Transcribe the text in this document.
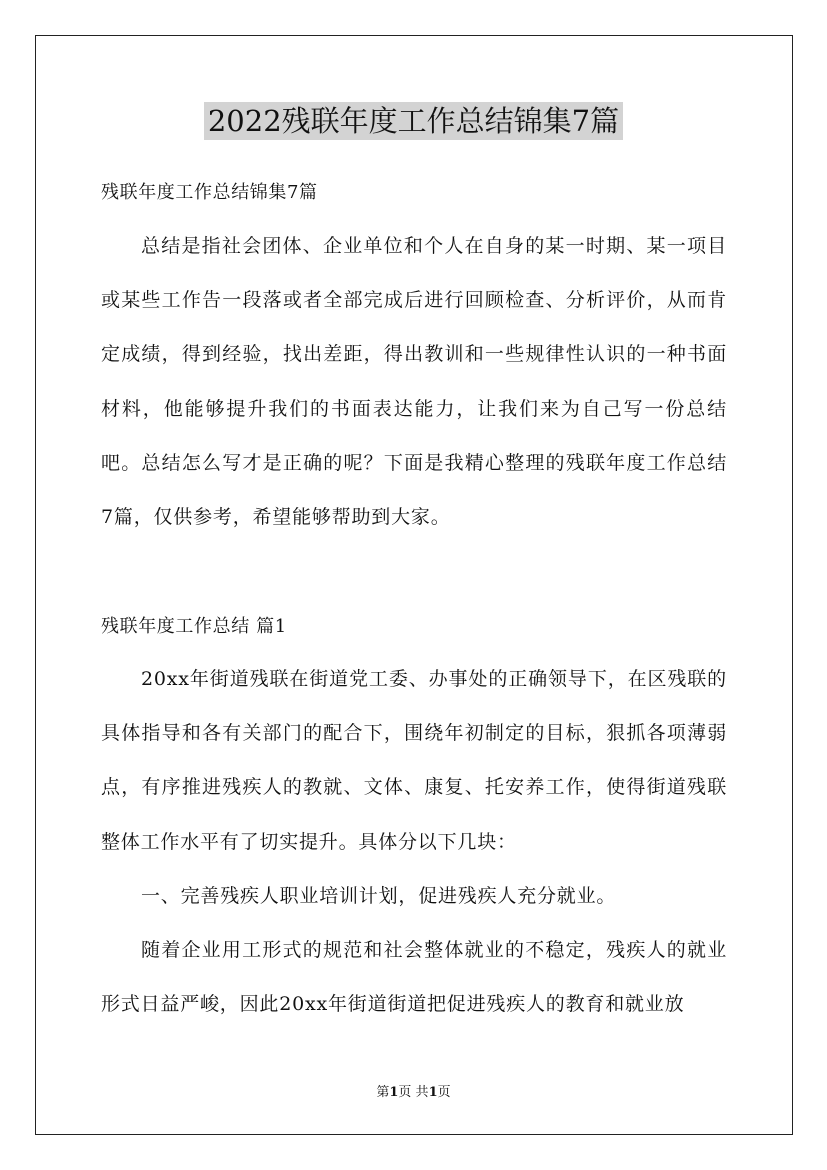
2022残联年度工作总结锦集7篇
残联年度工作总结锦集7篇
总结是指社会团体、企业单位和个人在自身的某一时期、某一项目或某些工作告一段落或者全部完成后进行回顾检查、分析评价，从而肯定成绩，得到经验，找出差距，得出教训和一些规律性认识的一种书面材料，他能够提升我们的书面表达能力，让我们来为自己写一份总结吧。总结怎么写才是正确的呢？下面是我精心整理的残联年度工作总结7篇，仅供参考，希望能够帮助到大家。
残联年度工作总结 篇1
20xx年街道残联在街道党工委、办事处的正确领导下，在区残联的具体指导和各有关部门的配合下，围绕年初制定的目标，狠抓各项薄弱点，有序推进残疾人的教就、文体、康复、托安养工作，使得街道残联整体工作水平有了切实提升。具体分以下几块：
一、完善残疾人职业培训计划，促进残疾人充分就业。
随着企业用工形式的规范和社会整体就业的不稳定，残疾人的就业形式日益严峻，因此20xx年街道街道把促进残疾人的教育和就业放
第1页 共1页
